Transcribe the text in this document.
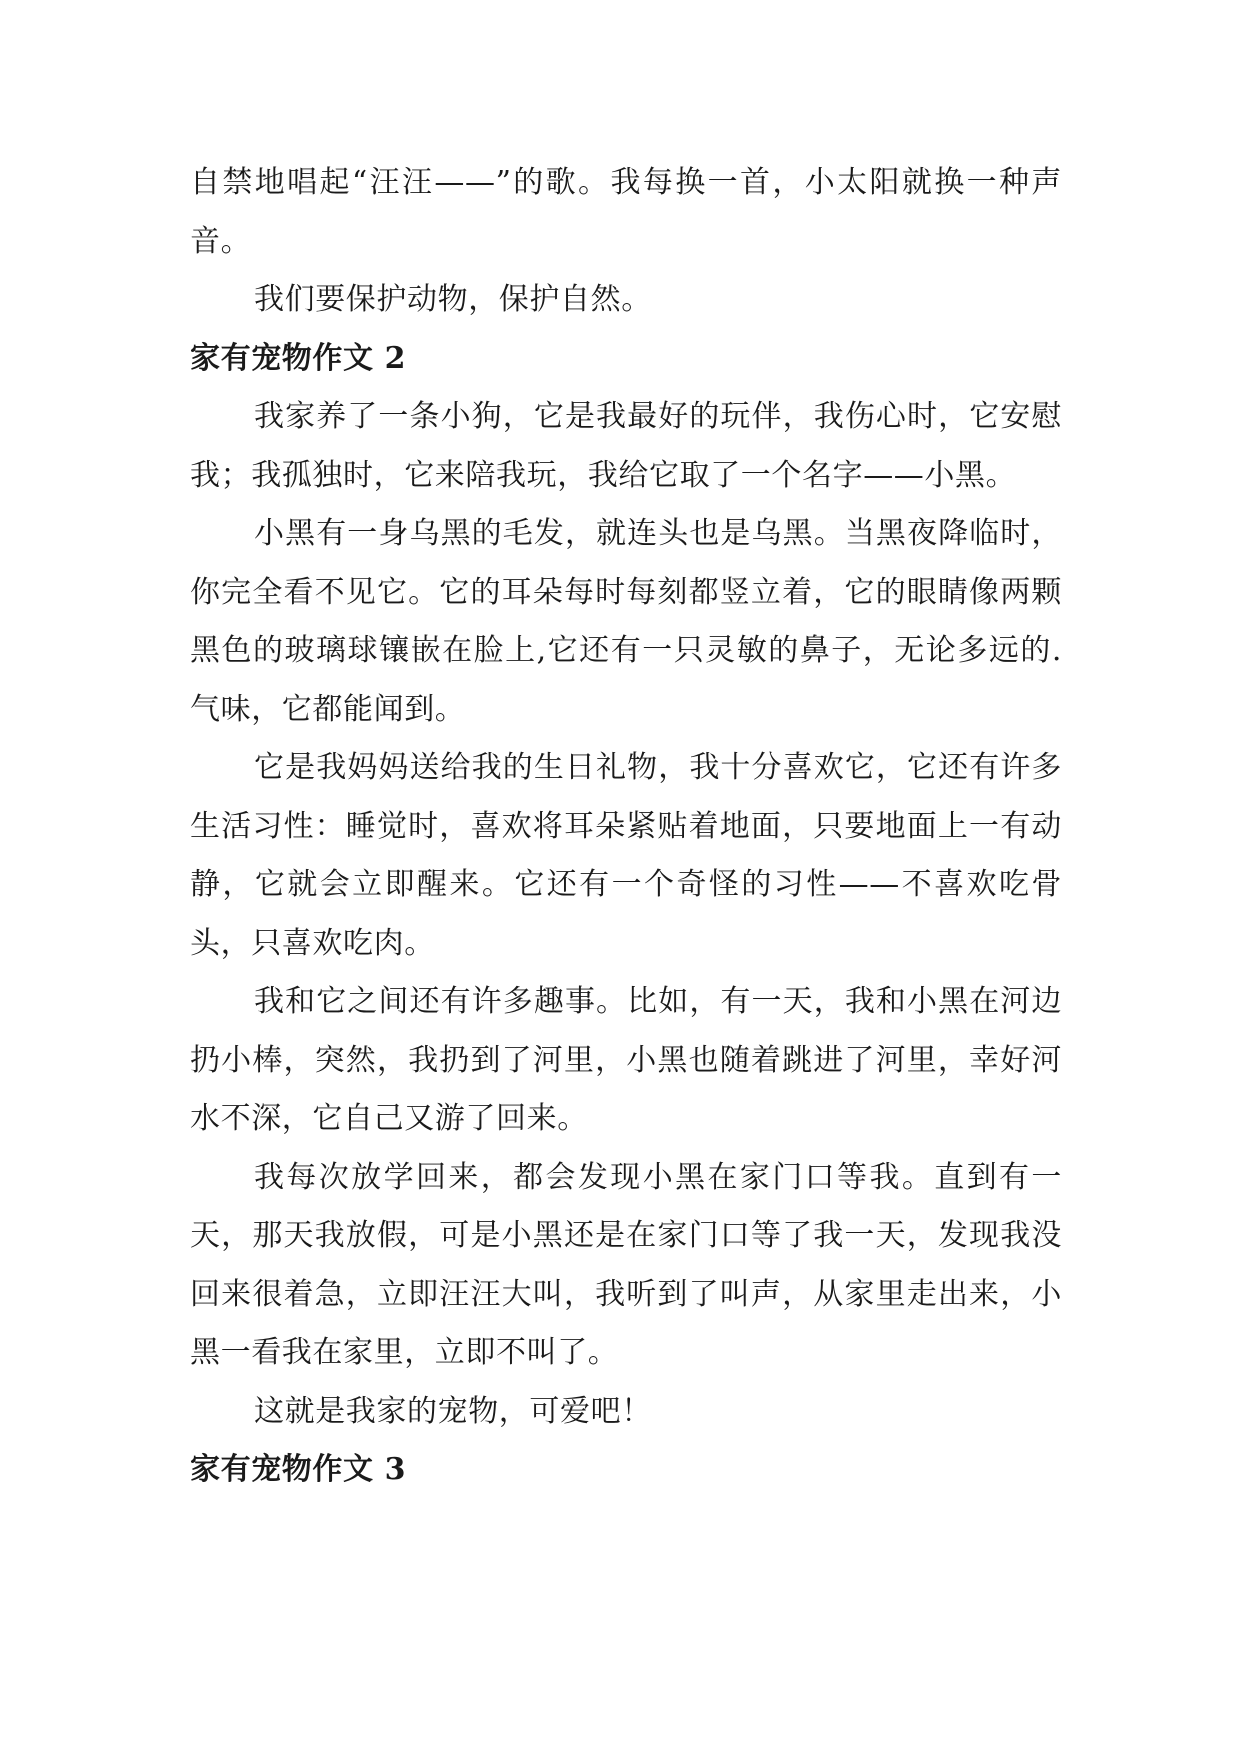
自禁地唱起“汪汪——”的歌。我每换一首，小太阳就换一种声音。

我们要保护动物，保护自然。

家有宠物作文 2

我家养了一条小狗，它是我最好的玩伴，我伤心时，它安慰我；我孤独时，它来陪我玩，我给它取了一个名字——小黑。

小黑有一身乌黑的毛发，就连头也是乌黑。当黑夜降临时，你完全看不见它。它的耳朵每时每刻都竖立着，它的眼睛像两颗黑色的玻璃球镶嵌在脸上,它还有一只灵敏的鼻子，无论多远的.气味，它都能闻到。

它是我妈妈送给我的生日礼物，我十分喜欢它，它还有许多生活习性：睡觉时，喜欢将耳朵紧贴着地面，只要地面上一有动静，它就会立即醒来。它还有一个奇怪的习性——不喜欢吃骨头，只喜欢吃肉。

我和它之间还有许多趣事。比如，有一天，我和小黑在河边扔小棒，突然，我扔到了河里，小黑也随着跳进了河里，幸好河水不深，它自己又游了回来。

我每次放学回来，都会发现小黑在家门口等我。直到有一天，那天我放假，可是小黑还是在家门口等了我一天，发现我没回来很着急，立即汪汪大叫，我听到了叫声，从家里走出来，小黑一看我在家里，立即不叫了。

这就是我家的宠物，可爱吧！

家有宠物作文 3
